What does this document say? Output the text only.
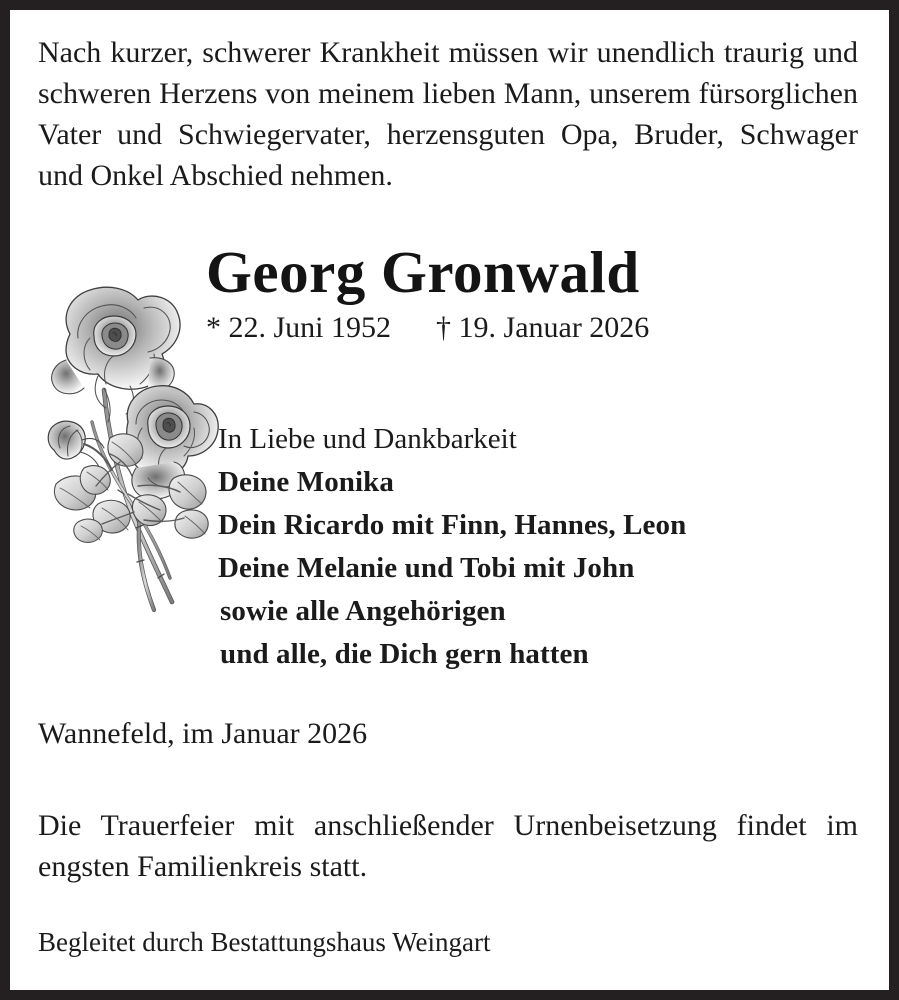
Nach kurzer, schwerer Krankheit müssen wir unendlich traurig und schweren Herzens von meinem lieben Mann, unserem fürsorglichen Vater und Schwiegervater, herzensguten Opa, Bruder, Schwager und Onkel Abschied nehmen.
Georg Gronwald
* 22. Juni 1952 † 19. Januar 2026
In Liebe und Dankbarkeit
Deine Monika
Dein Ricardo mit Finn, Hannes, Leon
Deine Melanie und Tobi mit John
sowie alle Angehörigen
und alle, die Dich gern hatten
Wannefeld, im Januar 2026
Die Trauerfeier mit anschließender Urnenbeisetzung findet im engsten Familienkreis statt.
Begleitet durch Bestattungshaus Weingart
